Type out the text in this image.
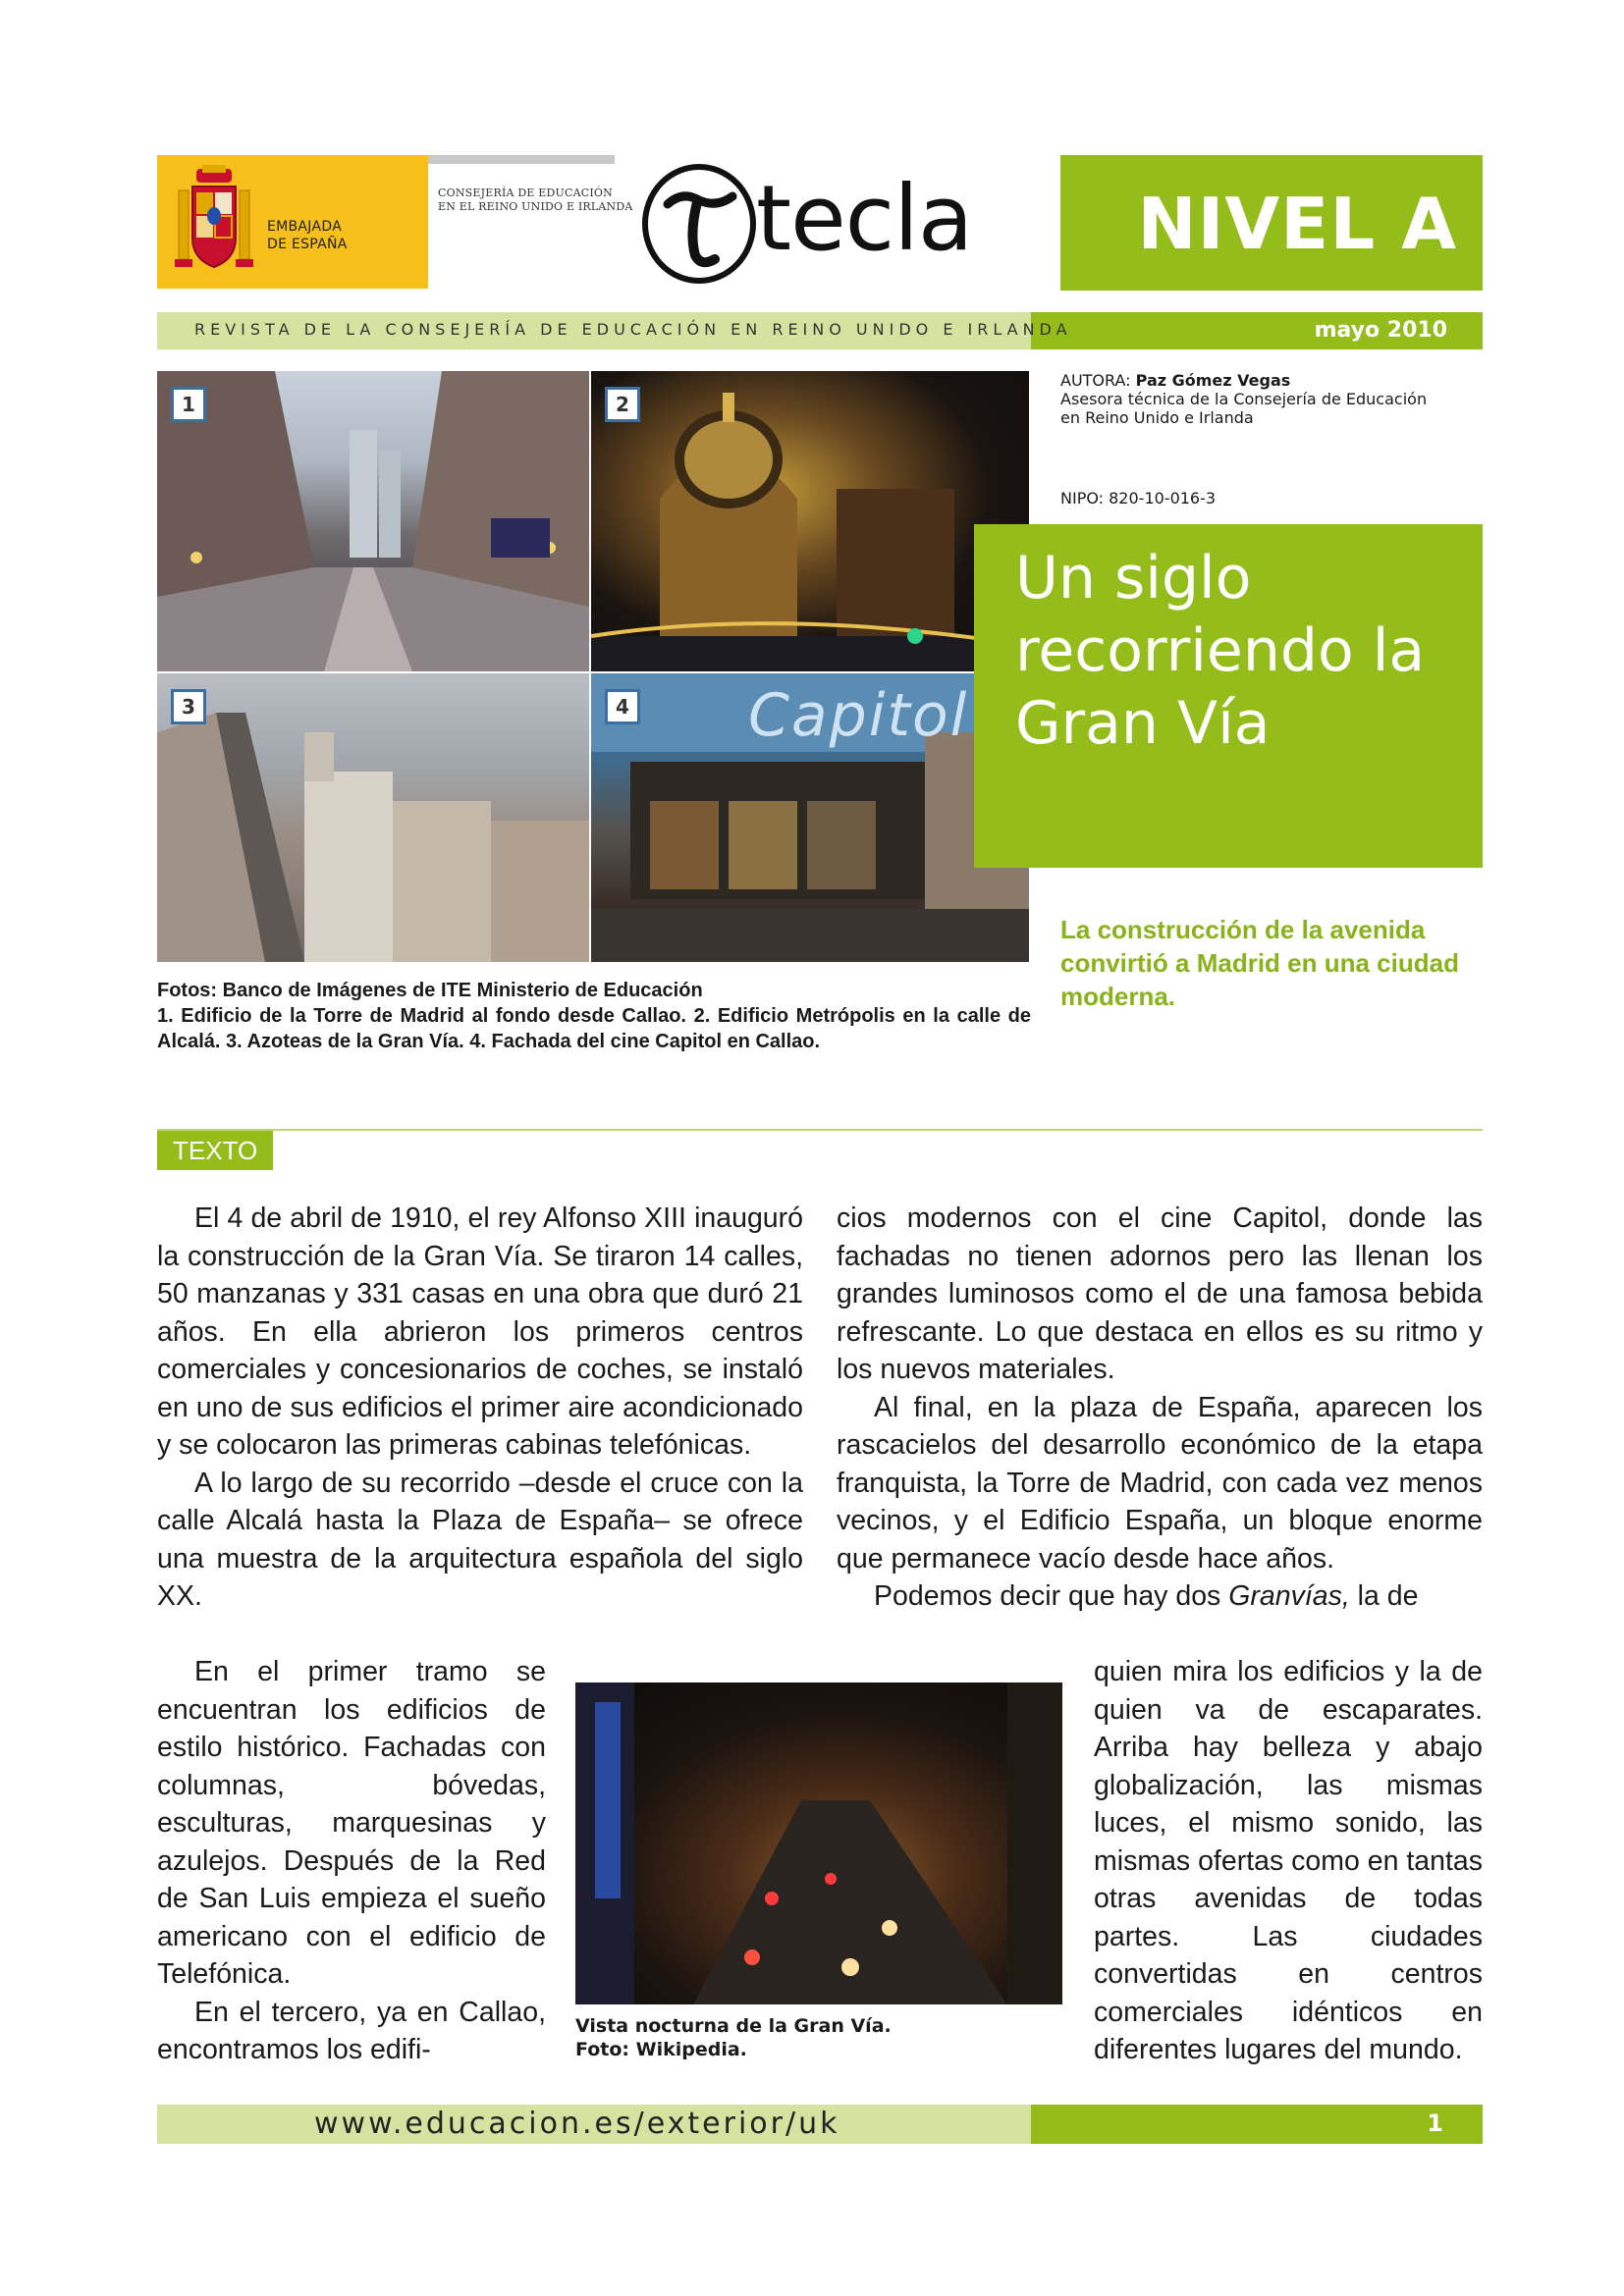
EMBAJADA
DE ESPAÑA
CONSEJERÍA DE EDUCACIÓN
EN EL REINO UNIDO E IRLANDA tecla NIVEL A
REVISTA DE LA CONSEJERÍA DE EDUCACIÓN EN REINO UNIDO E IRLANDA	mayo 2010
1	2
3	4 Capitol
Fotos: Banco de Imágenes de ITE Ministerio de Educación
1. Edificio de la Torre de Madrid al fondo desde Callao. 2. Edificio Metrópolis en la calle de Alcalá. 3. Azoteas de la Gran Vía. 4. Fachada del cine Capitol en Callao.
AUTORA: Paz Gómez Vegas
Asesora técnica de la Consejería de Educación
en Reino Unido e Irlanda
NIPO: 820-10-016-3
Un siglo recorriendo la Gran Vía
La construcción de la avenida convirtió a Madrid en una ciudad moderna.
TEXTO

El 4 de abril de 1910, el rey Alfonso XIII inauguró la construcción de la Gran Vía. Se tiraron 14 calles, 50 manzanas y 331 casas en una obra que duró 21 años. En ella abrieron los primeros centros comerciales y concesionarios de coches, se instaló en uno de sus edificios el primer aire acondicionado y se colocaron las primeras cabinas telefónicas.

A lo largo de su recorrido –desde el cruce con la calle Alcalá hasta la Plaza de España– se ofrece una muestra de la arquitectura española del siglo XX.

En el primer tramo se encuentran los edificios de estilo histórico. Fachadas con columnas, bóvedas, esculturas, marquesinas y azulejos. Después de la Red de San Luis empieza el sueño americano con el edificio de Telefónica.

En el tercero, ya en Callao, encontramos los edifi-

cios modernos con el cine Capitol, donde las fachadas no tienen adornos pero las llenan los grandes luminosos como el de una famosa bebida refrescante. Lo que destaca en ellos es su ritmo y los nuevos materiales.

Al final, en la plaza de España, aparecen los rascacielos del desarrollo económico de la etapa franquista, la Torre de Madrid, con cada vez menos vecinos, y el Edificio España, un bloque enorme que permanece vacío desde hace años.

Podemos decir que hay dos Granvías, la de

quien mira los edificios y la de quien va de escaparates. Arriba hay belleza y abajo globalización, las mismas luces, el mismo sonido, las mismas ofertas como en tantas otras avenidas de todas partes. Las ciudades convertidas en centros comerciales idénticos en diferentes lugares del mundo.

Vista nocturna de la Gran Vía.
Foto: Wikipedia.
www.educacion.es/exterior/uk	1
